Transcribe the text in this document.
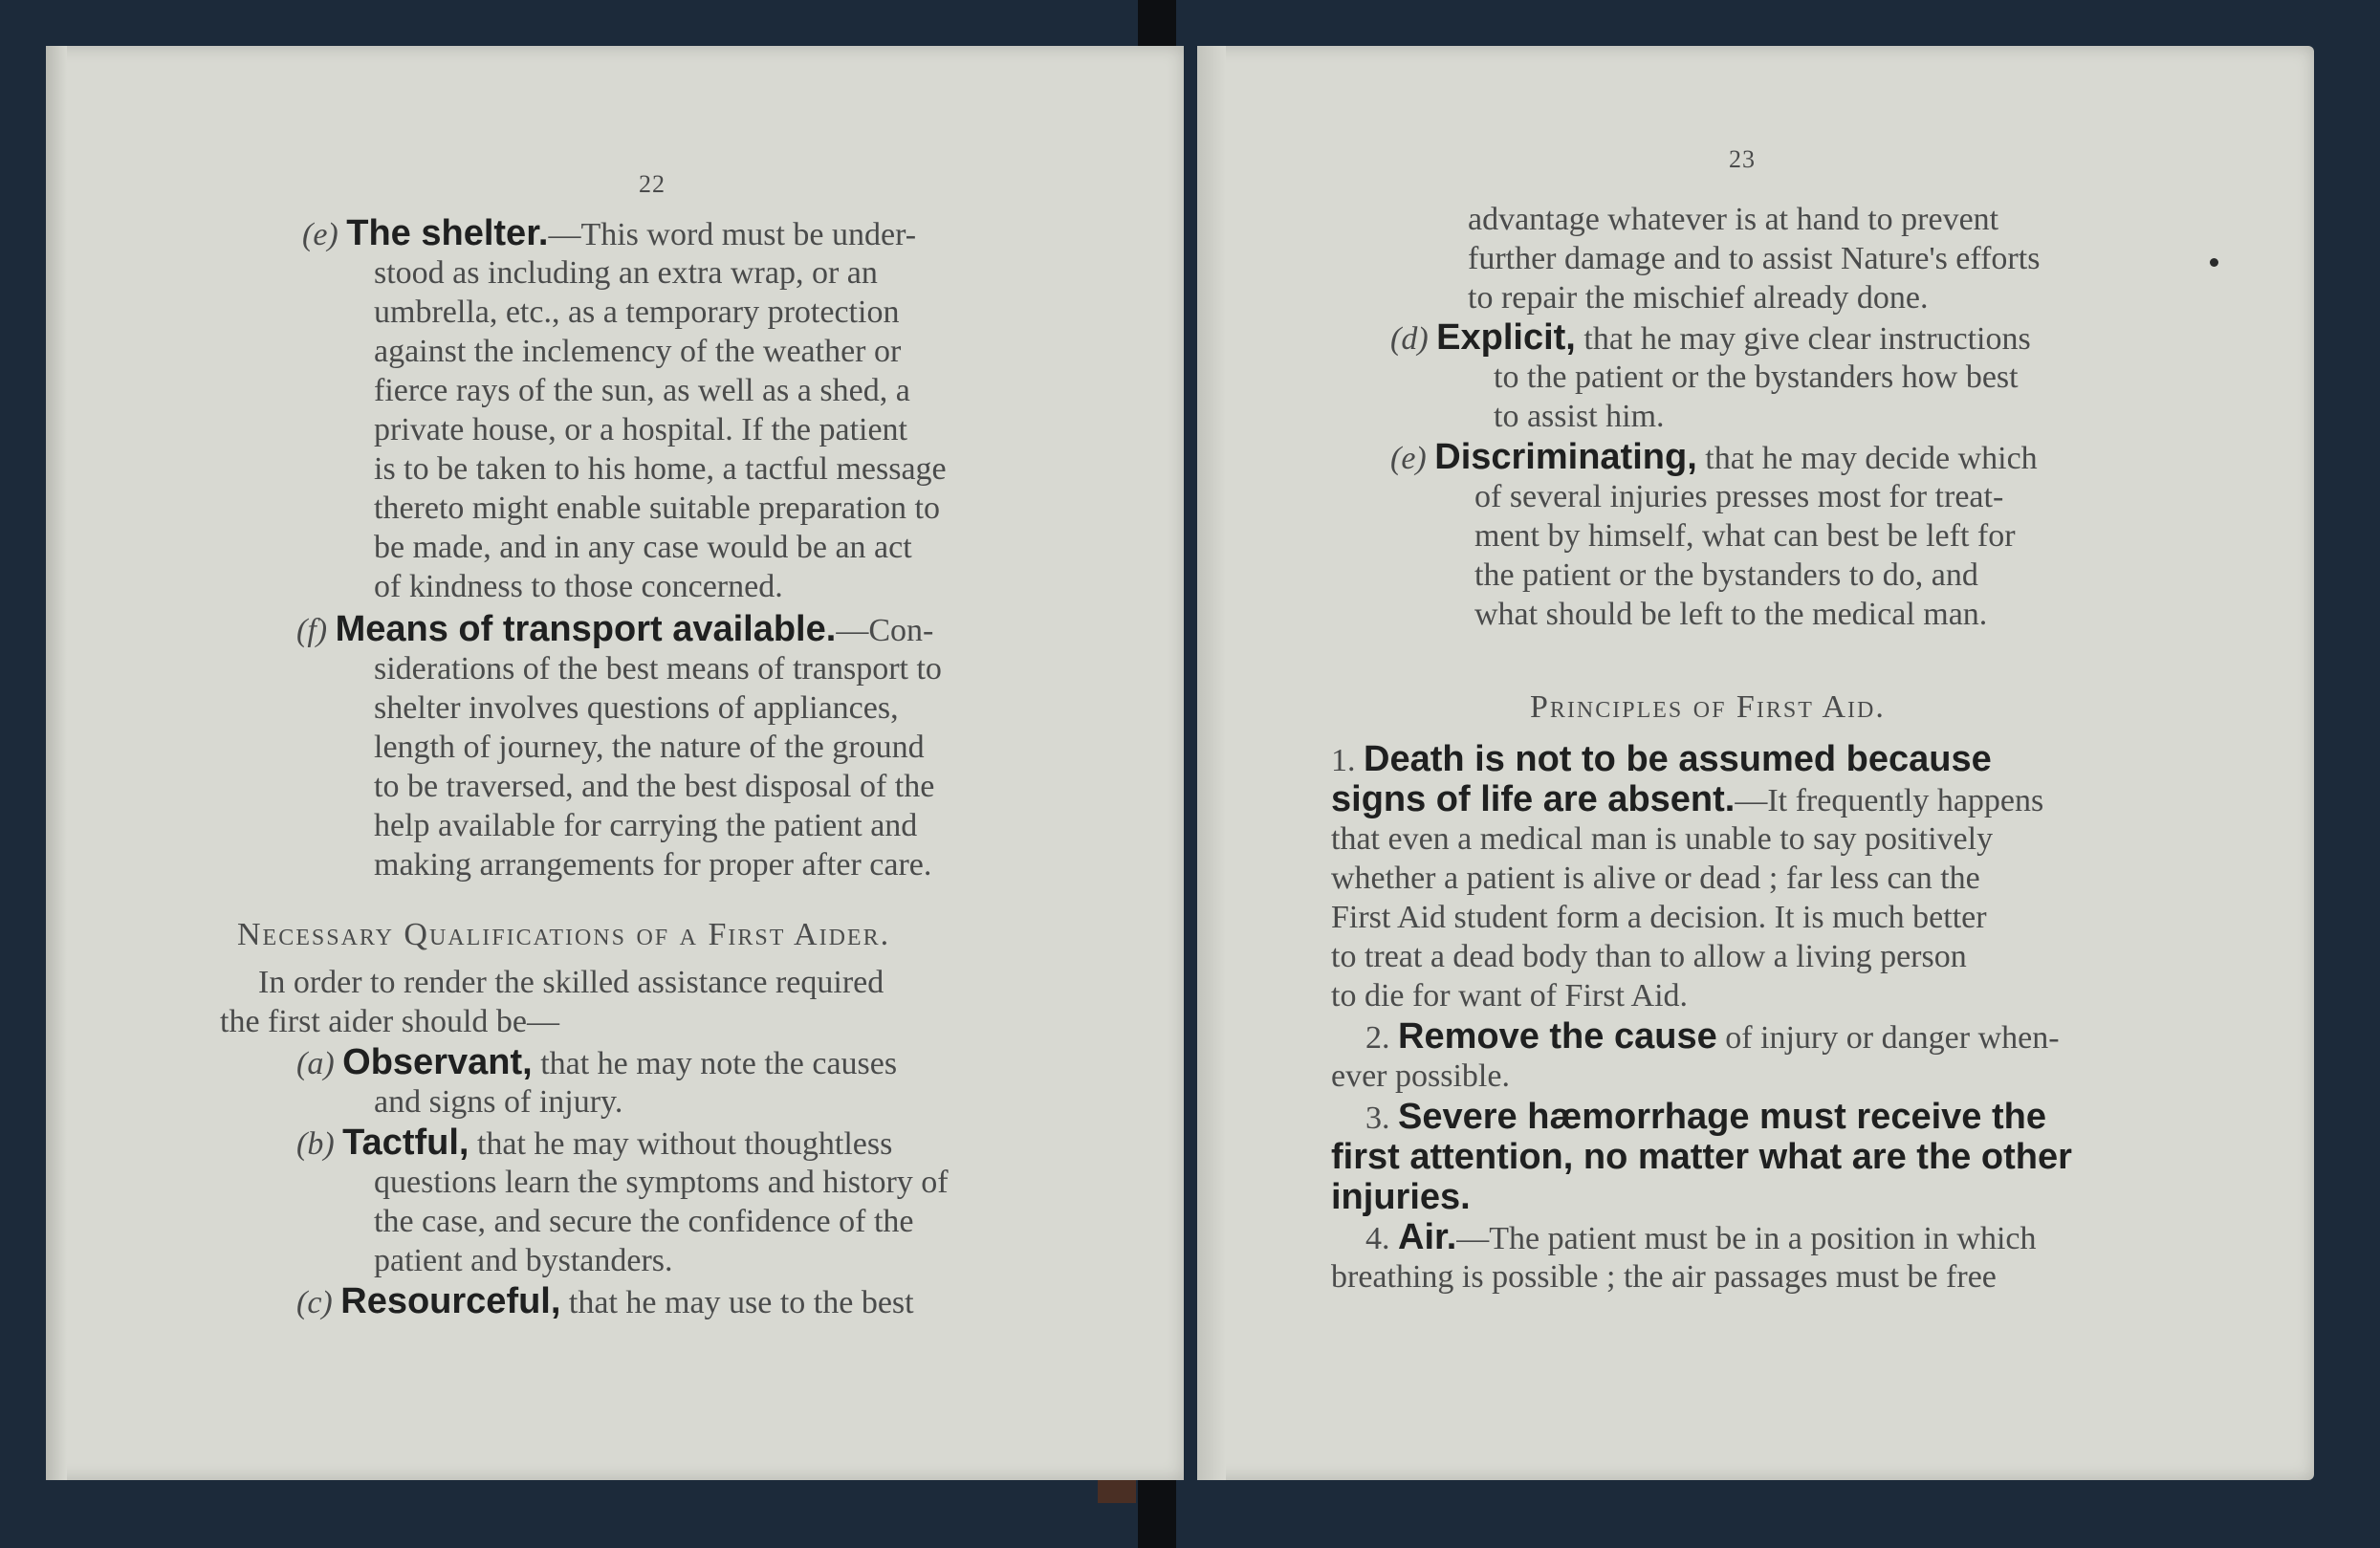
22
(e) The shelter.—This word must be under-
stood as including an extra wrap, or an
umbrella, etc., as a temporary protection
against the inclemency of the weather or
fierce rays of the sun, as well as a shed, a
private house, or a hospital. If the patient
is to be taken to his home, a tactful message
thereto might enable suitable preparation to
be made, and in any case would be an act
of kindness to those concerned.
(f) Means of transport available.—Con-
siderations of the best means of transport to
shelter involves questions of appliances,
length of journey, the nature of the ground
to be traversed, and the best disposal of the
help available for carrying the patient and
making arrangements for proper after care.
Necessary Qualifications of a First Aider.
In order to render the skilled assistance required
the first aider should be—
(a) Observant, that he may note the causes
and signs of injury.
(b) Tactful, that he may without thoughtless
questions learn the symptoms and history of
the case, and secure the confidence of the
patient and bystanders.
(c) Resourceful, that he may use to the best
23
advantage whatever is at hand to prevent
further damage and to assist Nature's efforts
to repair the mischief already done.
(d) Explicit, that he may give clear instructions
to the patient or the bystanders how best
to assist him.
(e) Discriminating, that he may decide which
of several injuries presses most for treat-
ment by himself, what can best be left for
the patient or the bystanders to do, and
what should be left to the medical man.
Principles of First Aid.
1. Death is not to be assumed because
signs of life are absent.—It frequently happens
that even a medical man is unable to say positively
whether a patient is alive or dead ; far less can the
First Aid student form a decision. It is much better
to treat a dead body than to allow a living person
to die for want of First Aid.
2. Remove the cause of injury or danger when-
ever possible.
3. Severe hæmorrhage must receive the
first attention, no matter what are the other
injuries.
4. Air.—The patient must be in a position in which
breathing is possible ; the air passages must be free
